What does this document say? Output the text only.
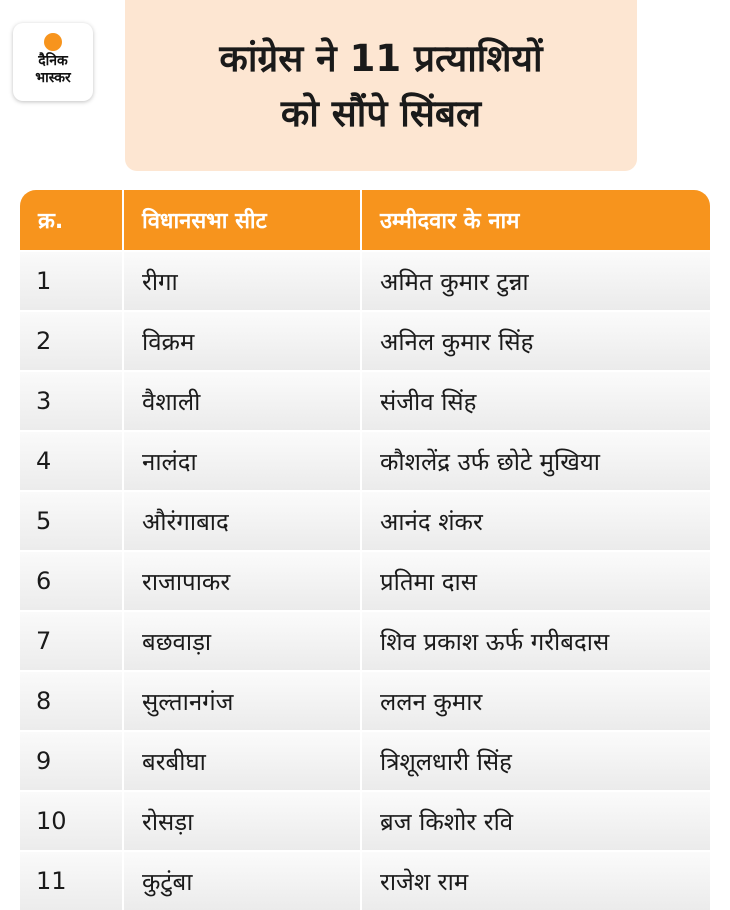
दैनिक
भास्कर	कांग्रेस ने 11 प्रत्याशियों
को सौंपे सिंबल
क्र.	विधानसभा सीट	उम्मीदवार के नाम
1	रीगा	अमित कुमार टुन्ना
2	विक्रम	अनिल कुमार सिंह
3	वैशाली	संजीव सिंह
4	नालंदा	कौशलेंद्र उर्फ छोटे मुखिया
5	औरंगाबाद	आनंद शंकर
6	राजापाकर	प्रतिमा दास
7	बछवाड़ा	शिव प्रकाश ऊर्फ गरीबदास
8	सुल्तानगंज	ललन कुमार
9	बरबीघा	त्रिशूलधारी सिंह
10	रोसड़ा	ब्रज किशोर रवि
11	कुटुंबा	राजेश राम
